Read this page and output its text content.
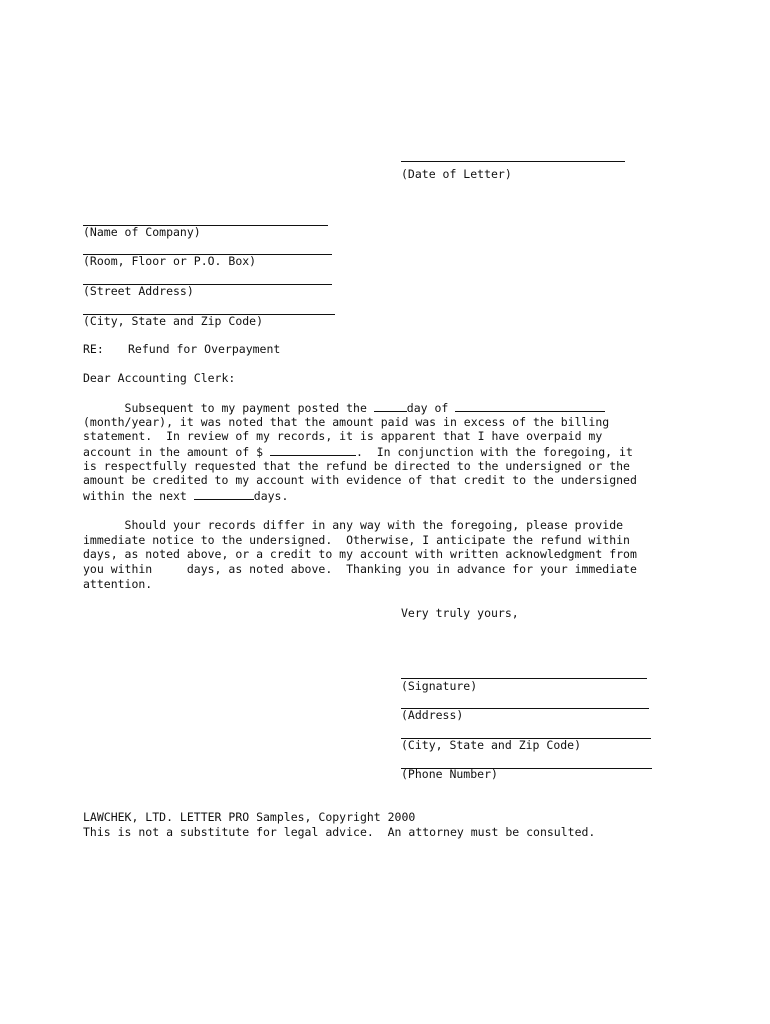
(Date of Letter)
(Name of Company)
(Room, Floor or P.O. Box)
(Street Address)
(City, State and Zip Code)
RE: Refund for Overpayment
Dear Accounting Clerk:
Subsequent to my payment posted the	day of
(month/year), it was noted that the amount paid was in excess of the billing
statement.  In review of my records, it is apparent that I have overpaid my
account in the amount of $	.  In conjunction with the foregoing, it
is respectfully requested that the refund be directed to the undersigned or the
amount be credited to my account with evidence of that credit to the undersigned
within the next	days.
Should your records differ in any way with the foregoing, please provide
immediate notice to the undersigned.  Otherwise, I anticipate the refund within
days, as noted above, or a credit to my account with written acknowledgment from
you within     days, as noted above.  Thanking you in advance for your immediate
attention.
Very truly yours,
(Signature)
(Address)
(City, State and Zip Code)
(Phone Number)
LAWCHEK, LTD. LETTER PRO Samples, Copyright 2000
This is not a substitute for legal advice.  An attorney must be consulted.
